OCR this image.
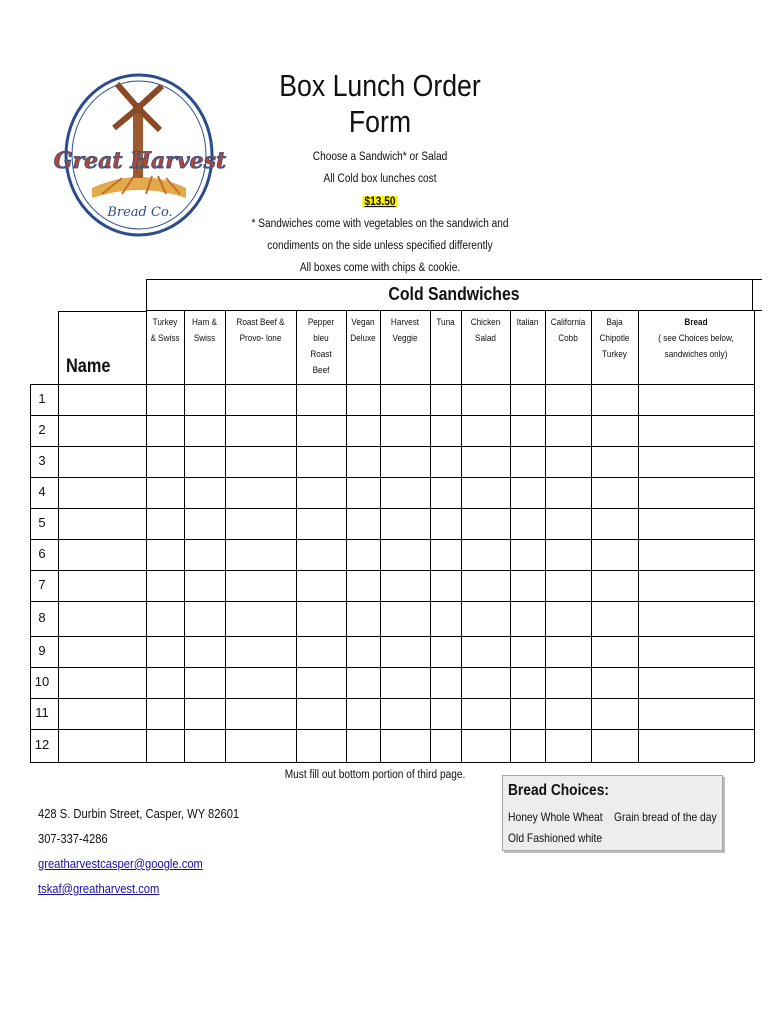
Great Harvest
Bread Co.
Box Lunch Order Form
Choose a Sandwich* or Salad
All Cold box lunches cost
$13.50
* Sandwiches come with vegetables on the sandwich and
condiments on the side unless specified differently
All boxes come with chips & cookie.
Cold Sandwiches
Name
Turkey
& Swiss
Ham &
Swiss
Roast Beef &
Provo- lone
Pepper
bleu
Roast
Beef
Vegan
Deluxe
Harvest
Veggie
Tuna	Chicken
Salad
Italian	California
Cobb
Baja
Chipotle
Turkey
Bread
( see Choices below,
sandwiches only)
1
2
3
4
5
6
7
8
9
10
11
12
Must fill out bottom portion of third page.
Bread Choices:
Honey Whole Wheat Grain bread of the day
Old Fashioned white
428 S. Durbin Street, Casper, WY 82601
307-337-4286
greatharvestcasper@google.com
tskaf@greatharvest.com
